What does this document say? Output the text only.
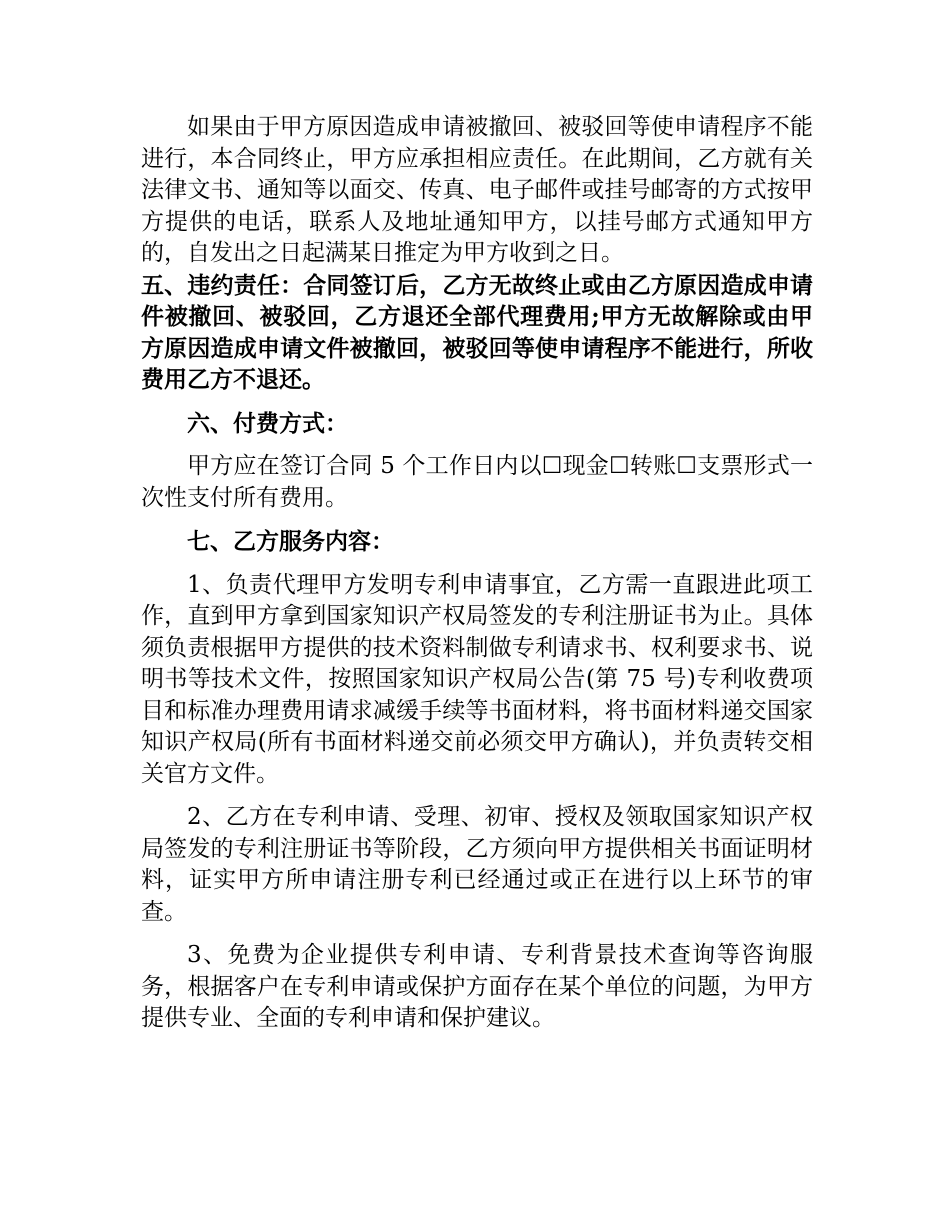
如果由于甲方原因造成申请被撤回、被驳回等使申请程序不能进行，本合同终止，甲方应承担相应责任。在此期间，乙方就有关法律文书、通知等以面交、传真、电子邮件或挂号邮寄的方式按甲方提供的电话，联系人及地址通知甲方，以挂号邮方式通知甲方的，自发出之日起满某日推定为甲方收到之日。

五、违约责任：合同签订后，乙方无故终止或由乙方原因造成申请件被撤回、被驳回，乙方退还全部代理费用;甲方无故解除或由甲方原因造成申请文件被撤回，被驳回等使申请程序不能进行，所收费用乙方不退还。

六、付费方式：

甲方应在签订合同 5 个工作日内以☐现金☐转账☐支票形式一次性支付所有费用。

七、乙方服务内容：

1、负责代理甲方发明专利申请事宜，乙方需一直跟进此项工作，直到甲方拿到国家知识产权局签发的专利注册证书为止。具体须负责根据甲方提供的技术资料制做专利请求书、权利要求书、说明书等技术文件，按照国家知识产权局公告(第 75 号)专利收费项目和标准办理费用请求减缓手续等书面材料，将书面材料递交国家知识产权局(所有书面材料递交前必须交甲方确认)，并负责转交相关官方文件。

2、乙方在专利申请、受理、初审、授权及领取国家知识产权局签发的专利注册证书等阶段，乙方须向甲方提供相关书面证明材料，证实甲方所申请注册专利已经通过或正在进行以上环节的审查。

3、免费为企业提供专利申请、专利背景技术查询等咨询服务，根据客户在专利申请或保护方面存在某个单位的问题，为甲方提供专业、全面的专利申请和保护建议。
